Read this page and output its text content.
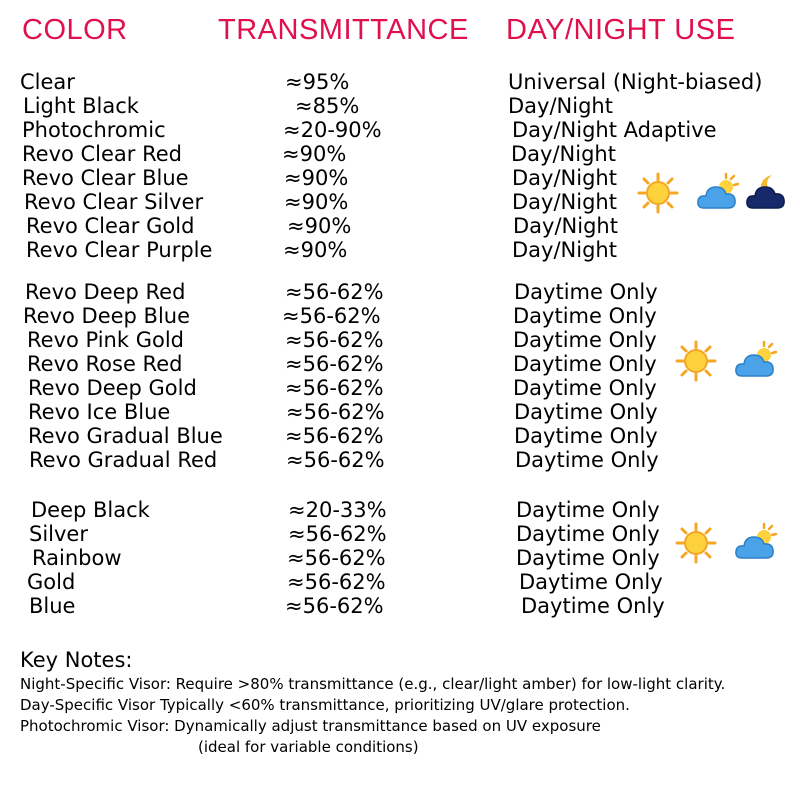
COLOR	TRANSMITTANCE DAY/NIGHT USE
Clear	≈95%	Universal (Night-biased)
Light Black	≈85%	Day/Night
Photochromic	≈20-90%	Day/Night Adaptive
Revo Clear Red	≈90%	Day/Night
Revo Clear Blue	≈90%	Day/Night
Revo Clear Silver	≈90%	Day/Night
Revo Clear Gold	≈90%	Day/Night
Revo Clear Purple	≈90%	Day/Night
Revo Deep Red	≈56-62%	Daytime Only
Revo Deep Blue	≈56-62%	Daytime Only
Revo Pink Gold	≈56-62%	Daytime Only
Revo Rose Red	≈56-62%	Daytime Only
Revo Deep Gold	≈56-62%	Daytime Only
Revo Ice Blue	≈56-62%	Daytime Only
Revo Gradual Blue	≈56-62%	Daytime Only
Revo Gradual Red	≈56-62%	Daytime Only
Deep Black	≈20-33%	Daytime Only
Silver	≈56-62%	Daytime Only
Rainbow	≈56-62%	Daytime Only
Gold	≈56-62%	Daytime Only
Blue	≈56-62%	Daytime Only
Key Notes:
Night-Specific Visor: Require >80% transmittance (e.g., clear/light amber) for low-light clarity.
Day-Specific Visor Typically <60% transmittance, prioritizing UV/glare protection.
Photochromic Visor: Dynamically adjust transmittance based on UV exposure
(ideal for variable conditions)
